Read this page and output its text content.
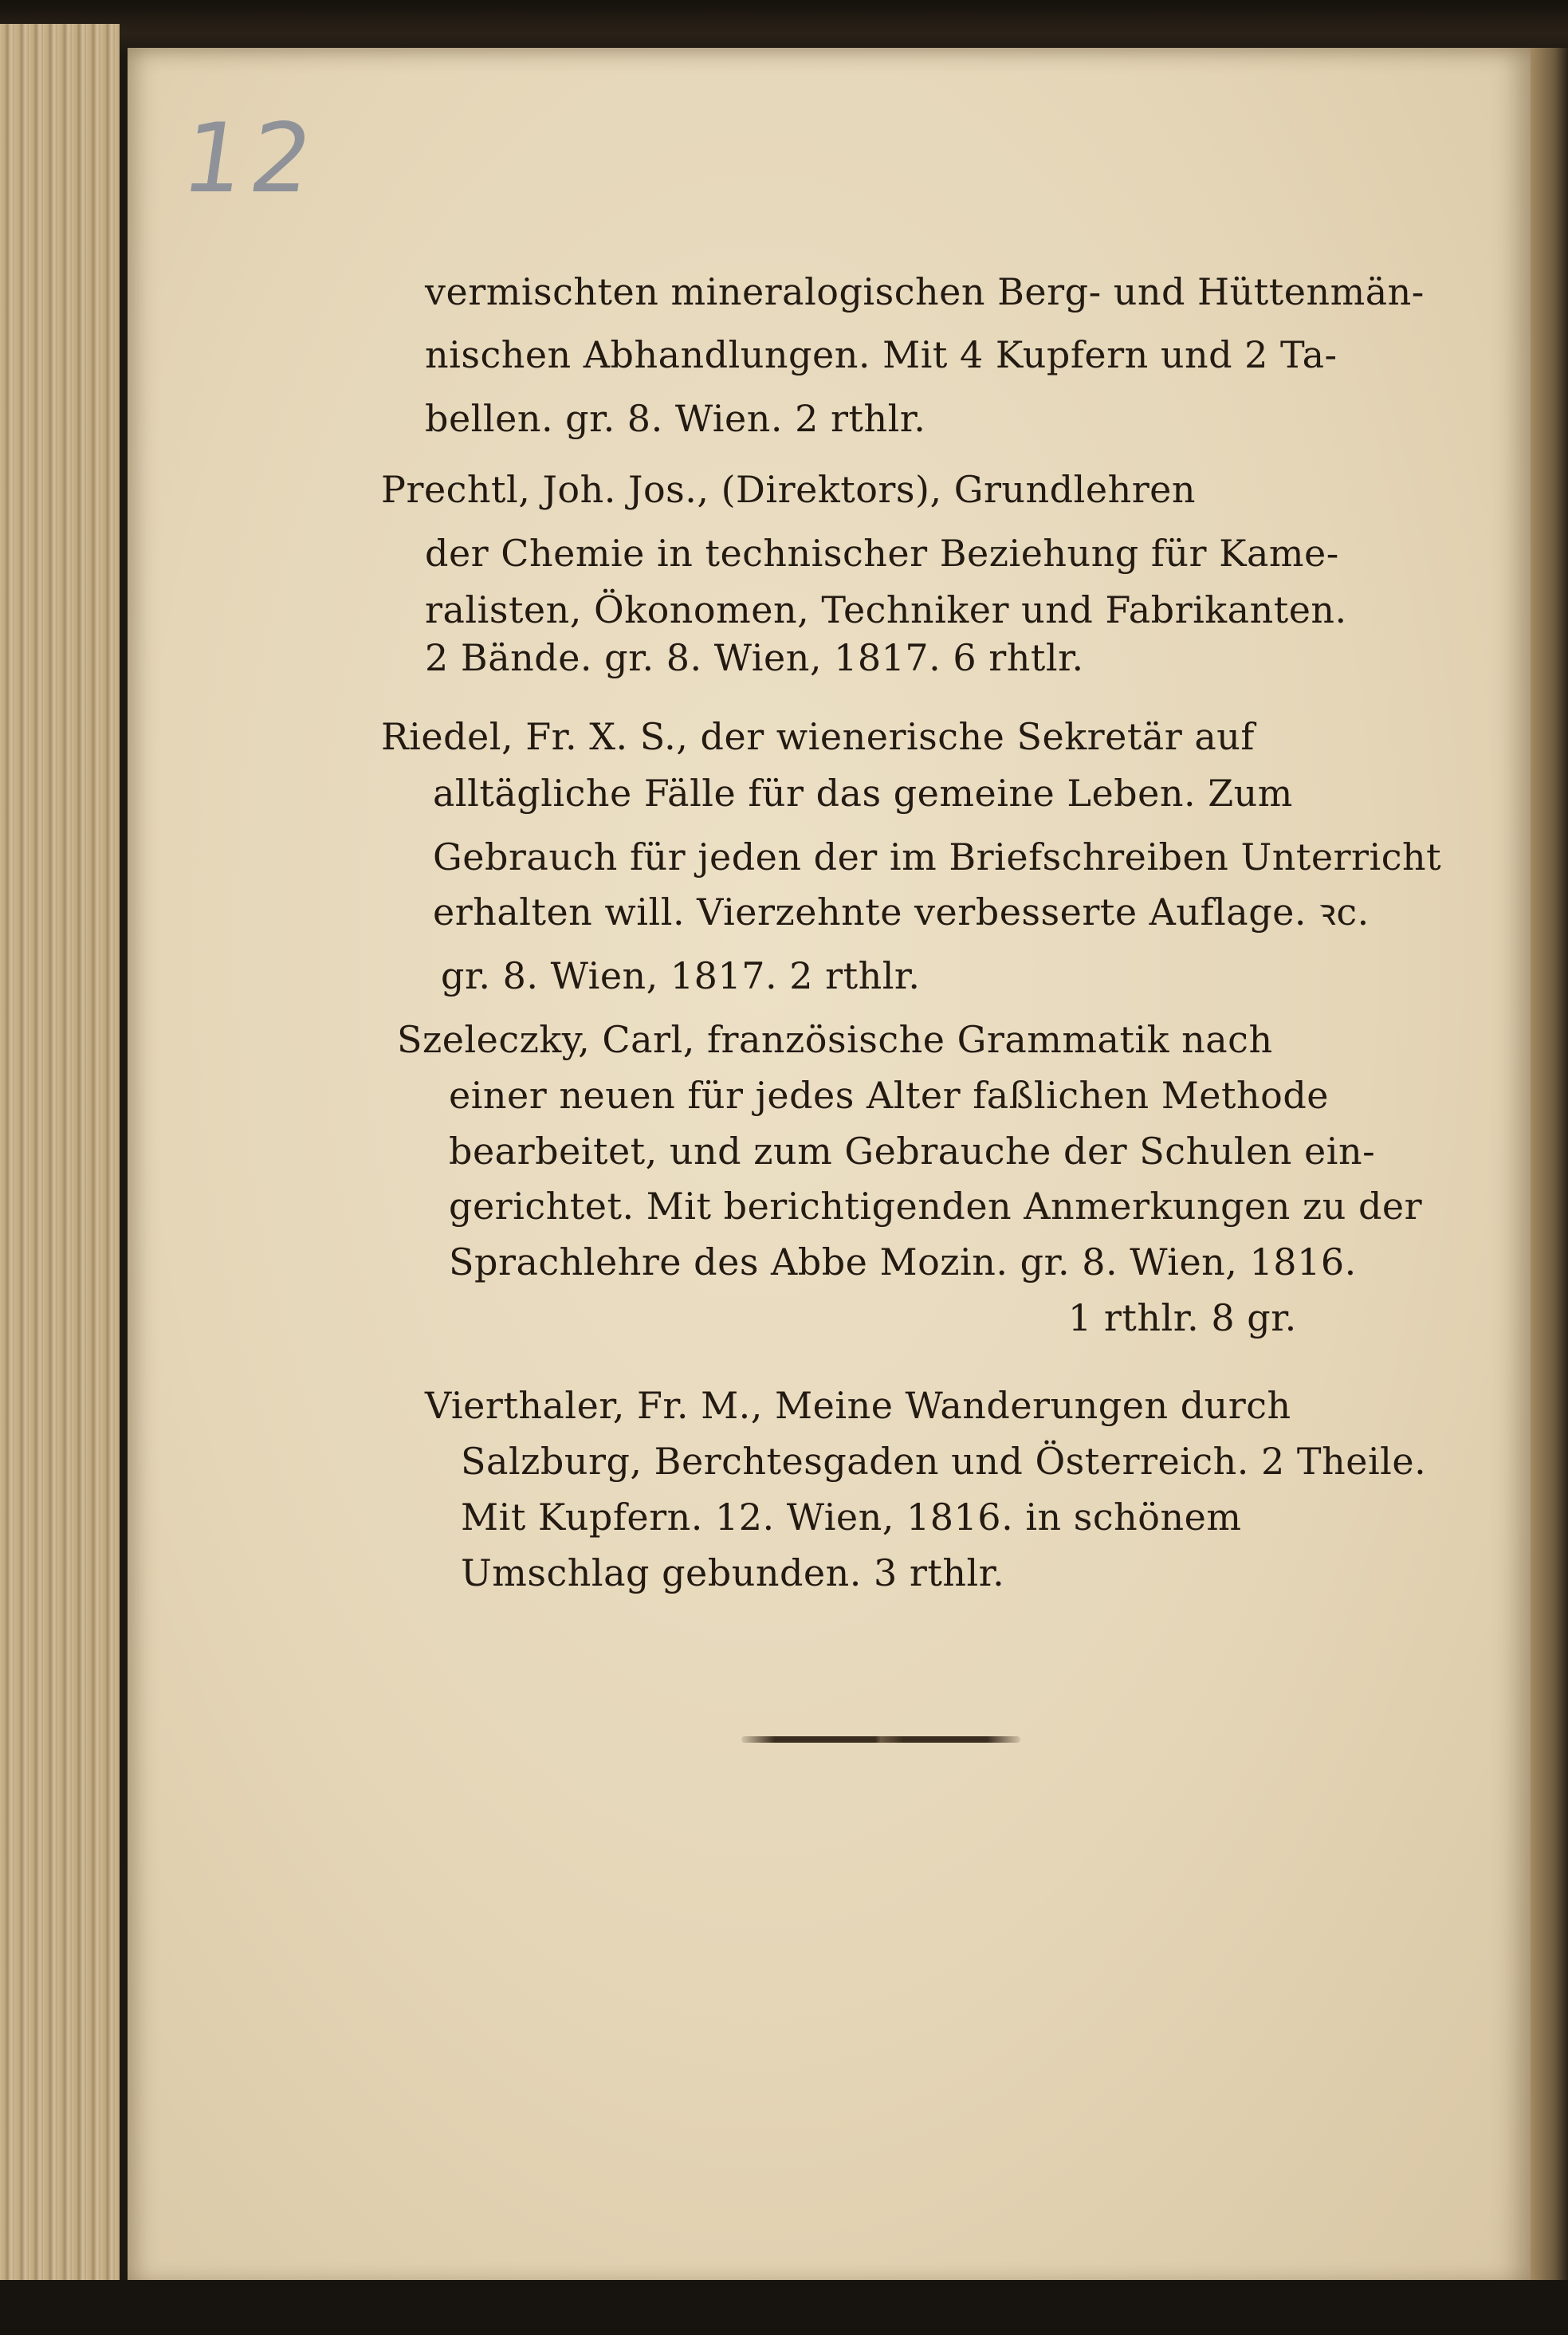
12
vermischten mineralogischen Berg- und Hüttenmän-
nischen Abhandlungen. Mit 4 Kupfern und 2 Ta-
bellen. gr. 8. Wien. 2 rthlr.
Prechtl, Joh. Jos., (Direktors), Grundlehren
der Chemie in technischer Beziehung für Kame-
ralisten, Ökonomen, Techniker und Fabrikanten.
2 Bände. gr. 8. Wien, 1817. 6 rhtlr.
Riedel, Fr. X. S., der wienerische Sekretär auf
alltägliche Fälle für das gemeine Leben. Zum
Gebrauch für jeden der im Briefschreiben Unterricht
erhalten will. Vierzehnte verbesserte Auflage. ꝛc.
gr. 8. Wien, 1817. 2 rthlr.
Szeleczky, Carl, französische Grammatik nach
einer neuen für jedes Alter faßlichen Methode
bearbeitet, und zum Gebrauche der Schulen ein-
gerichtet. Mit berichtigenden Anmerkungen zu der
Sprachlehre des Abbe Mozin. gr. 8. Wien, 1816.
1 rthlr. 8 gr.
Vierthaler, Fr. M., Meine Wanderungen durch
Salzburg, Berchtesgaden und Österreich. 2 Theile.
Mit Kupfern. 12. Wien, 1816. in schönem
Umschlag gebunden. 3 rthlr.
